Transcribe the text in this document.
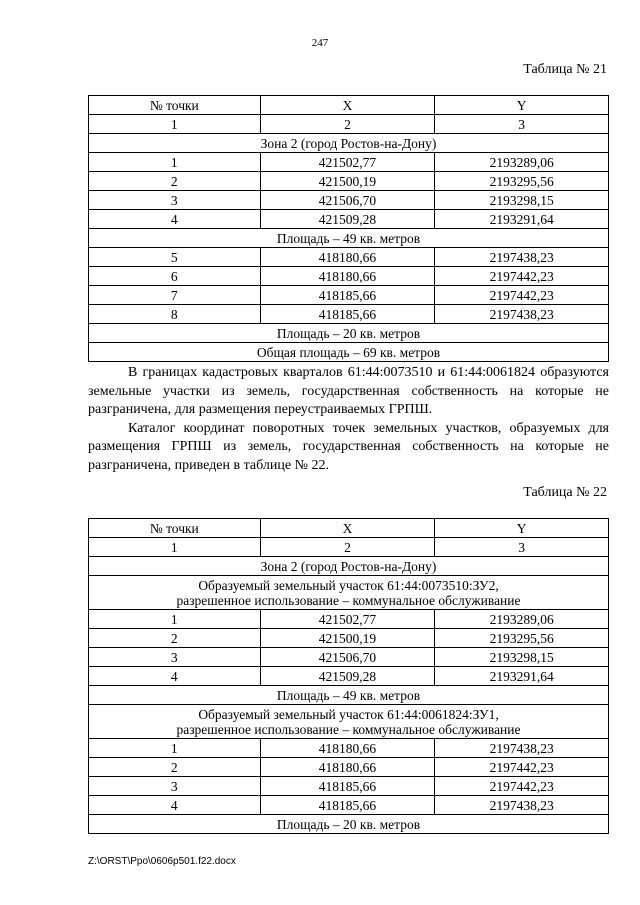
247
Таблица № 21
№ точки	X	Y
1	2	3
Зона 2 (город Ростов-на-Дону)		
1	421502,77	2193289,06
2	421500,19	2193295,56
3	421506,70	2193298,15
4	421509,28	2193291,64
Площадь – 49 кв. метров		
5	418180,66	2197438,23
6	418180,66	2197442,23
7	418185,66	2197442,23
8	418185,66	2197438,23
Площадь – 20 кв. метров		
Общая площадь – 69 кв. метров		

В границах кадастровых кварталов 61:44:0073510 и 61:44:0061824 образуются земельные участки из земель, государственная собственность на которые не разграничена, для размещения переустраиваемых ГРПШ.

Каталог координат поворотных точек земельных участков, образуемых для размещения ГРПШ из земель, государственная собственность на которые не разграничена, приведен в таблице № 22.

Таблица № 22
№ точки	X	Y
1	2	3
Зона 2 (город Ростов-на-Дону)		

Образуемый земельный участок 61:44:0073510:ЗУ2,
разрешенное использование – коммунальное обслуживание		

1	421502,77	2193289,06
2	421500,19	2193295,56
3	421506,70	2193298,15
4	421509,28	2193291,64
Площадь – 49 кв. метров		

Образуемый земельный участок 61:44:0061824:ЗУ1,
разрешенное использование – коммунальное обслуживание		

1	418180,66	2197438,23
2	418180,66	2197442,23
3	418185,66	2197442,23
4	418185,66	2197438,23
Площадь – 20 кв. метров		
Z:\ORST\Ppo\0606p501.f22.docx
